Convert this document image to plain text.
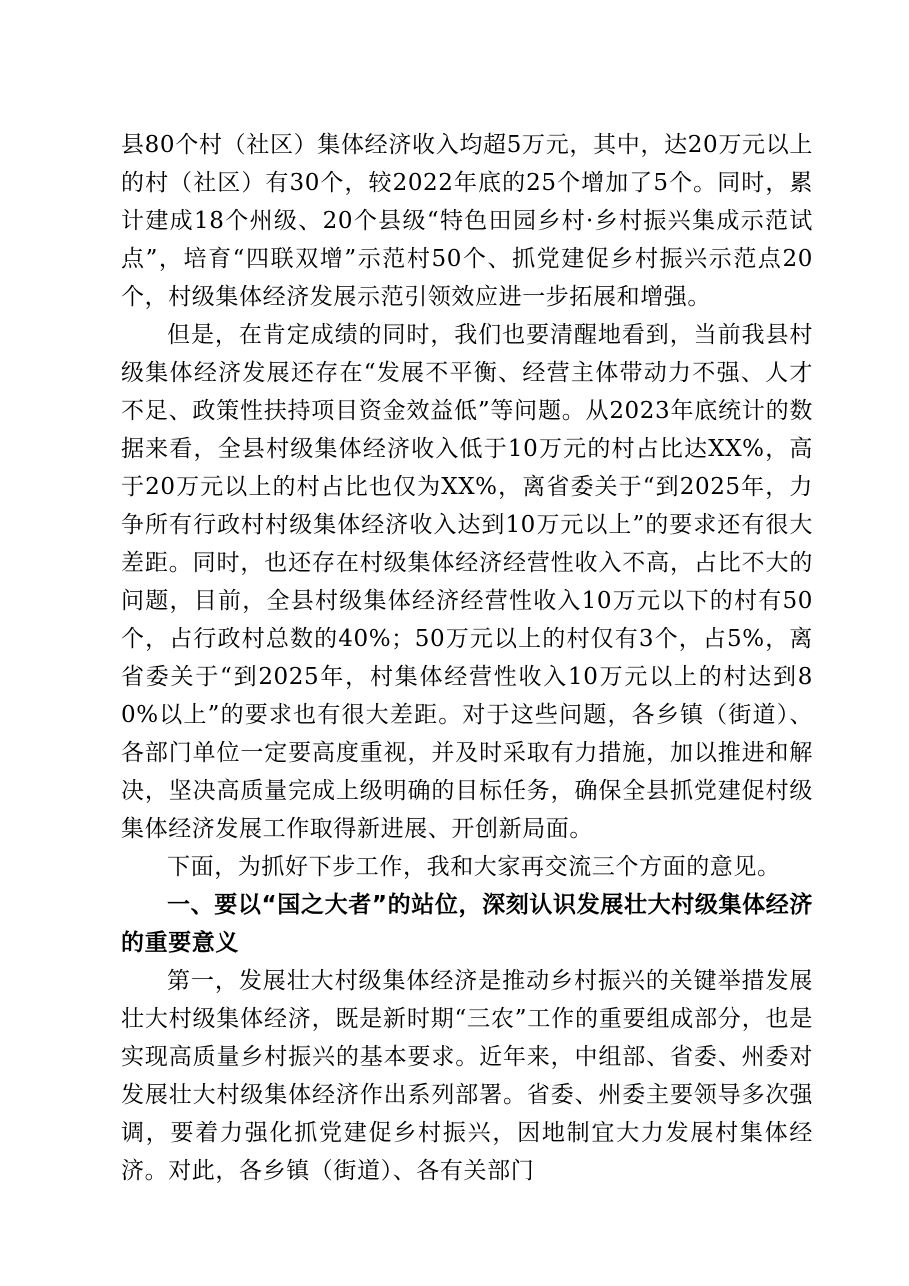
县80个村（社区）集体经济收入均超5万元，其中，达20万元以上的村（社区）有30个，较2022年底的25个增加了5个。同时，累计建成18个州级、20个县级“特色田园乡村·乡村振兴集成示范试点”，培育“四联双增”示范村50个、抓党建促乡村振兴示范点20个，村级集体经济发展示范引领效应进一步拓展和增强。

但是，在肯定成绩的同时，我们也要清醒地看到，当前我县村级集体经济发展还存在“发展不平衡、经营主体带动力不强、人才不足、政策性扶持项目资金效益低”等问题。从2023年底统计的数据来看，全县村级集体经济收入低于10万元的村占比达XX%，高于20万元以上的村占比也仅为XX%，离省委关于“到2025年，力争所有行政村村级集体经济收入达到10万元以上”的要求还有很大差距。同时，也还存在村级集体经济经营性收入不高，占比不大的问题，目前，全县村级集体经济经营性收入10万元以下的村有50个，占行政村总数的40%；50万元以上的村仅有3个，占5%，离省委关于“到2025年，村集体经营性收入10万元以上的村达到80%以上”的要求也有很大差距。对于这些问题，各乡镇（街道）、各部门单位一定要高度重视，并及时采取有力措施，加以推进和解决，坚决高质量完成上级明确的目标任务，确保全县抓党建促村级集体经济发展工作取得新进展、开创新局面。

下面，为抓好下步工作，我和大家再交流三个方面的意见。

一、要以“国之大者”的站位，深刻认识发展壮大村级集体经济的重要意义

第一，发展壮大村级集体经济是推动乡村振兴的关键举措发展壮大村级集体经济，既是新时期“三农”工作的重要组成部分，也是实现高质量乡村振兴的基本要求。近年来，中组部、省委、州委对发展壮大村级集体经济作出系列部署。省委、州委主要领导多次强调，要着力强化抓党建促乡村振兴，因地制宜大力发展村集体经济。对此，各乡镇（街道）、各有关部门
